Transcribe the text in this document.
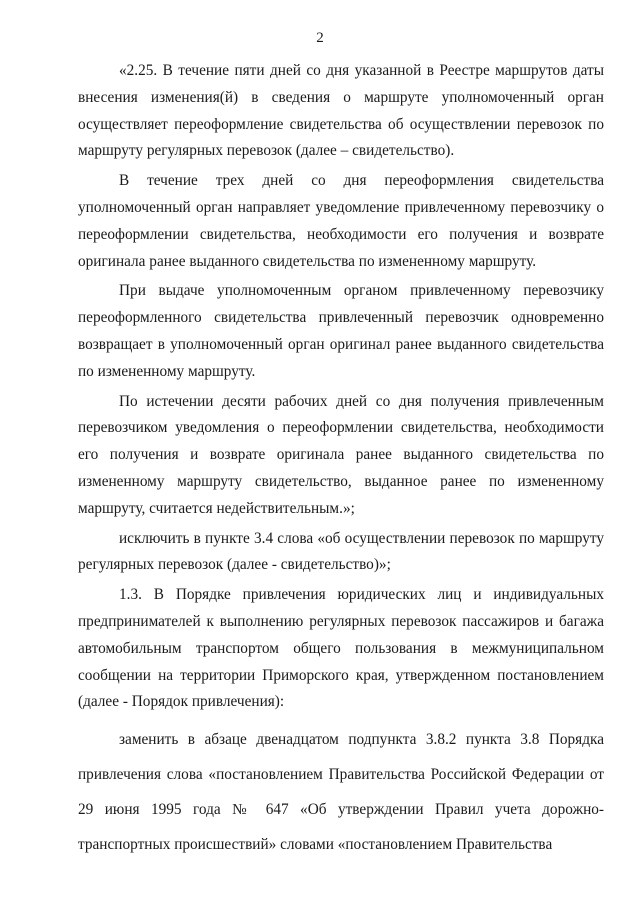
2

«2.25. В течение пяти дней со дня указанной в Реестре маршрутов даты внесения изменения(й) в сведения о маршруте уполномоченный орган осуществляет переоформление свидетельства об осуществлении перевозок по маршруту регулярных перевозок (далее – свидетельство).

В течение трех дней со дня переоформления свидетельства уполномоченный орган направляет уведомление привлеченному перевозчику о переоформлении свидетельства, необходимости его получения и возврате оригинала ранее выданного свидетельства по измененному маршруту.

При выдаче уполномоченным органом привлеченному перевозчику переоформленного свидетельства привлеченный перевозчик одновременно возвращает в уполномоченный орган оригинал ранее выданного свидетельства по измененному маршруту.

По истечении десяти рабочих дней со дня получения привлеченным перевозчиком уведомления о переоформлении свидетельства, необходимости его получения и возврате оригинала ранее выданного свидетельства по измененному маршруту свидетельство, выданное ранее по измененному маршруту, считается недействительным.»;

исключить в пункте 3.4 слова «об осуществлении перевозок по маршруту регулярных перевозок (далее - свидетельство)»;

1.3. В Порядке привлечения юридических лиц и индивидуальных предпринимателей к выполнению регулярных перевозок пассажиров и багажа автомобильным транспортом общего пользования в межмуниципальном сообщении на территории Приморского края, утвержденном постановлением (далее - Порядок привлечения):

заменить в абзаце двенадцатом подпункта 3.8.2 пункта 3.8 Порядка привлечения слова «постановлением Правительства Российской Федерации от 29 июня 1995 года № 647 «Об утверждении Правил учета дорожно-транспортных происшествий» словами «постановлением Правительства
